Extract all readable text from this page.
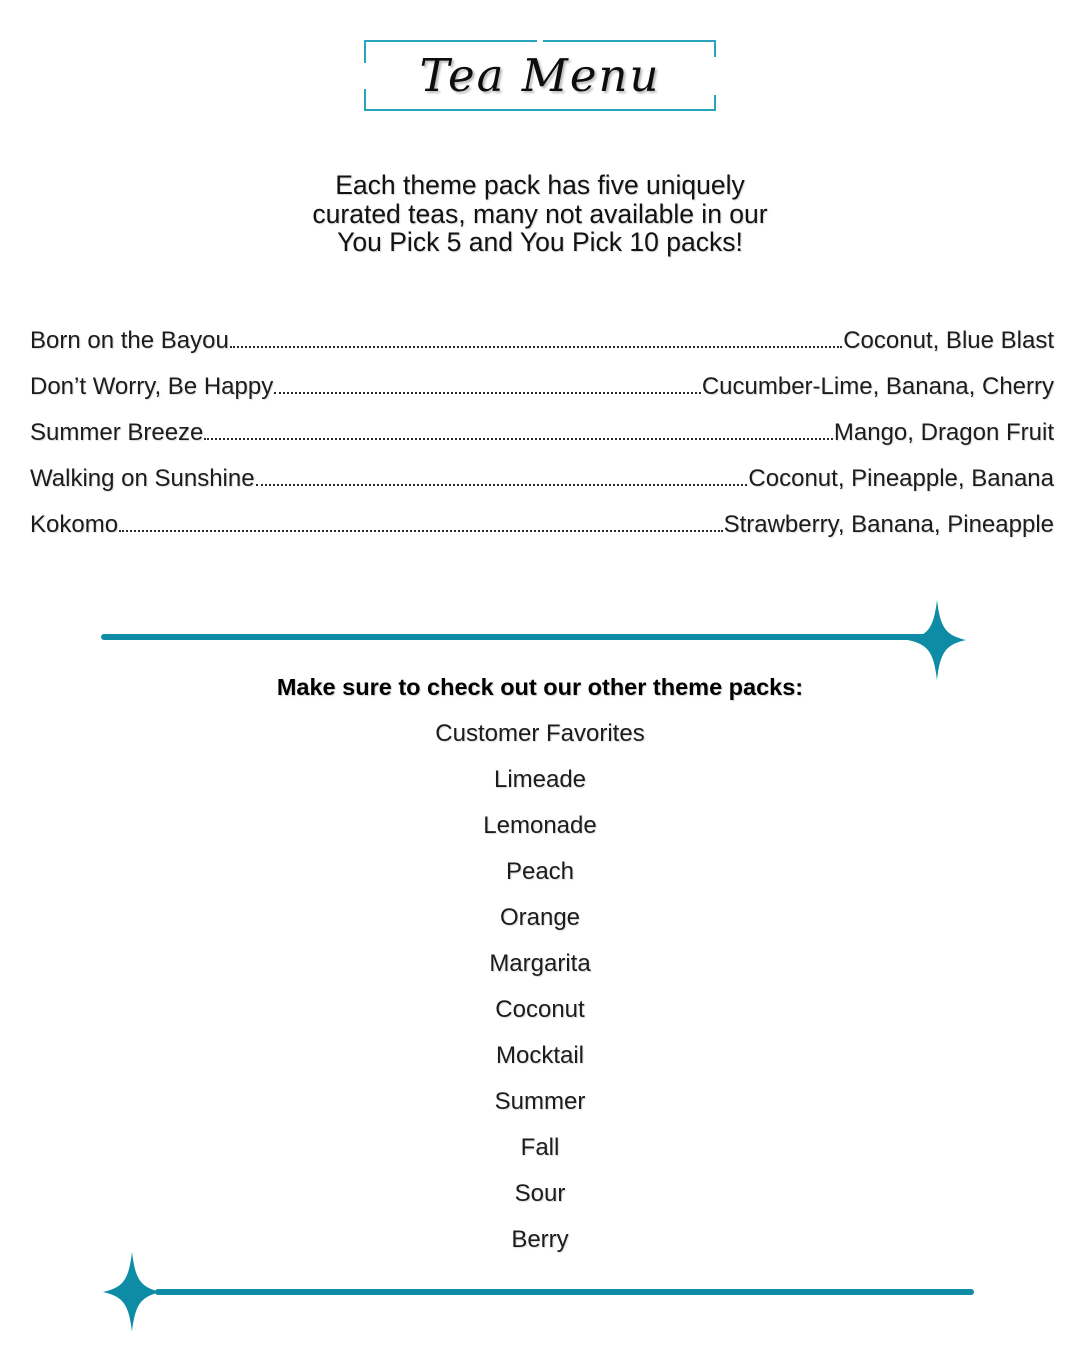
Tea Menu

Each theme pack has five uniquely
curated teas, many not available in our
You Pick 5 and You Pick 10 packs!

Born on the Bayou	Coconut, Blue Blast
Don’t Worry, Be Happy	Cucumber-Lime, Banana, Cherry
Summer Breeze	Mango, Dragon Fruit
Walking on Sunshine	Coconut, Pineapple, Banana
Kokomo	Strawberry, Banana, Pineapple
Make sure to check out our other theme packs:
Customer Favorites
Limeade
Lemonade
Peach
Orange
Margarita
Coconut
Mocktail
Summer
Fall
Sour
Berry
